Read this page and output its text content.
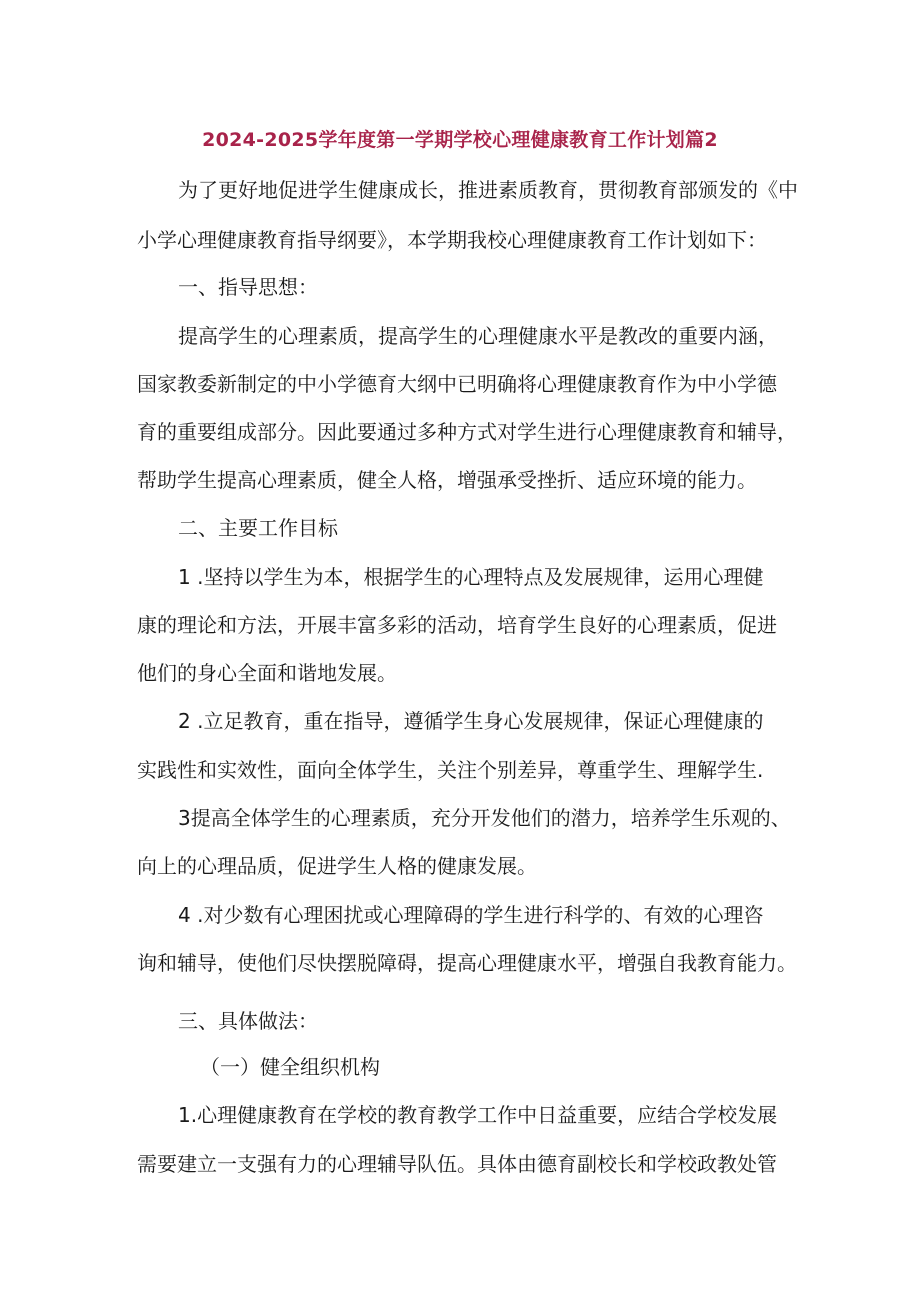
2024-2025学年度第一学期学校心理健康教育工作计划篇2
为了更好地促进学生健康成长，推进素质教育，贯彻教育部颁发的《中
小学心理健康教育指导纲要》，本学期我校心理健康教育工作计划如下：
一、指导思想：
提高学生的心理素质，提高学生的心理健康水平是教改的重要内涵，
国家教委新制定的中小学德育大纲中已明确将心理健康教育作为中小学德
育的重要组成部分。因此要通过多种方式对学生进行心理健康教育和辅导，
帮助学生提高心理素质，健全人格，增强承受挫折、适应环境的能力。
二、主要工作目标
1 .坚持以学生为本，根据学生的心理特点及发展规律，运用心理健
康的理论和方法，开展丰富多彩的活动，培育学生良好的心理素质，促进
他们的身心全面和谐地发展。
2 .立足教育，重在指导，遵循学生身心发展规律，保证心理健康的
实践性和实效性，面向全体学生，关注个别差异，尊重学生、理解学生.
3提高全体学生的心理素质，充分开发他们的潜力，培养学生乐观的、
向上的心理品质，促进学生人格的健康发展。
4 .对少数有心理困扰或心理障碍的学生进行科学的、有效的心理咨
询和辅导，使他们尽快摆脱障碍，提高心理健康水平，增强自我教育能力。
三、具体做法：
（一）健全组织机构
1.心理健康教育在学校的教育教学工作中日益重要，应结合学校发展
需要建立一支强有力的心理辅导队伍。具体由德育副校长和学校政教处管
